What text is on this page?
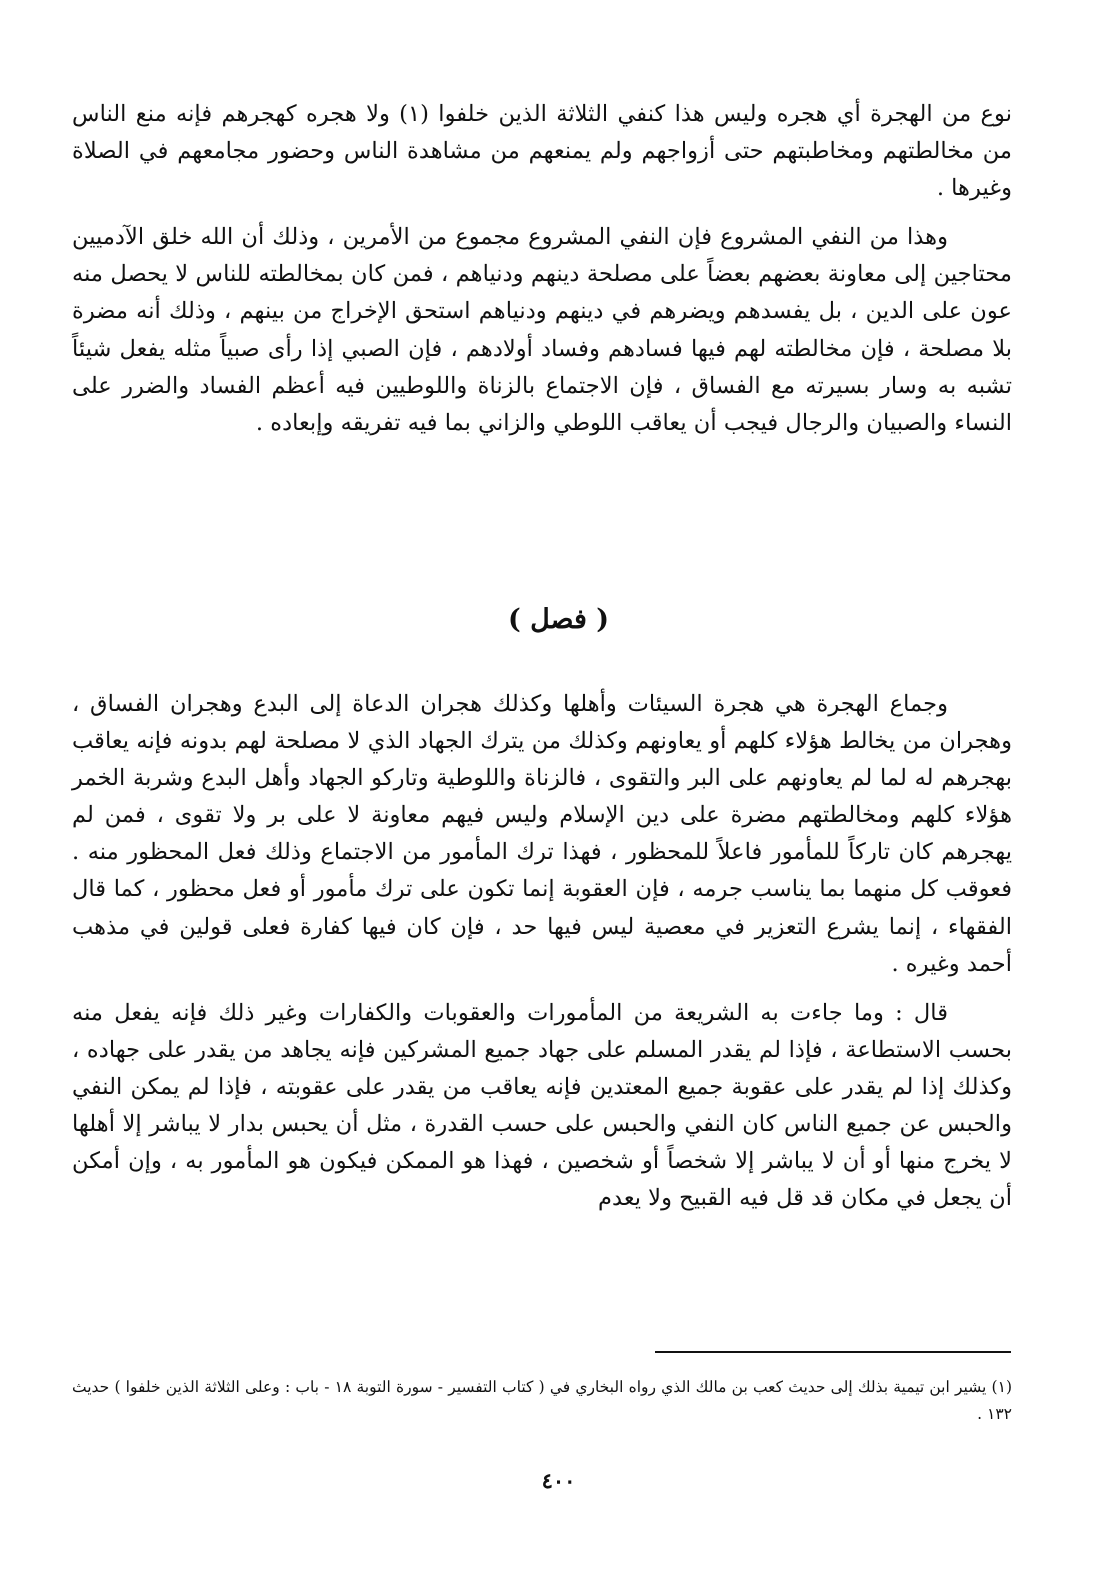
نوع من الهجرة أي هجره وليس هذا كنفي الثلاثة الذين خلفوا (١) ولا هجره كهجرهم فإنه منع الناس من مخالطتهم ومخاطبتهم حتى أزواجهم ولم يمنعهم من مشاهدة الناس وحضور مجامعهم في الصلاة وغيرها .

وهذا من النفي المشروع فإن النفي المشروع مجموع من الأمرين ، وذلك أن الله خلق الآدميين محتاجين إلى معاونة بعضهم بعضاً على مصلحة دينهم ودنياهم ، فمن كان بمخالطته للناس لا يحصل منه عون على الدين ، بل يفسدهم ويضرهم في دينهم ودنياهم استحق الإخراج من بينهم ، وذلك أنه مضرة بلا مصلحة ، فإن مخالطته لهم فيها فسادهم وفساد أولادهم ، فإن الصبي إذا رأى صبياً مثله يفعل شيئاً تشبه به وسار بسيرته مع الفساق ، فإن الاجتماع بالزناة واللوطيين فيه أعظم الفساد والضرر على النساء والصبيان والرجال فيجب أن يعاقب اللوطي والزاني بما فيه تفريقه وإبعاده .

( فصل )

وجماع الهجرة هي هجرة السيئات وأهلها وكذلك هجران الدعاة إلى البدع وهجران الفساق ، وهجران من يخالط هؤلاء كلهم أو يعاونهم وكذلك من يترك الجهاد الذي لا مصلحة لهم بدونه فإنه يعاقب بهجرهم له لما لم يعاونهم على البر والتقوى ، فالزناة واللوطية وتاركو الجهاد وأهل البدع وشربة الخمر هؤلاء كلهم ومخالطتهم مضرة على دين الإسلام وليس فيهم معاونة لا على بر ولا تقوى ، فمن لم يهجرهم كان تاركاً للمأمور فاعلاً للمحظور ، فهذا ترك المأمور من الاجتماع وذلك فعل المحظور منه . فعوقب كل منهما بما يناسب جرمه ، فإن العقوبة إنما تكون على ترك مأمور أو فعل محظور ، كما قال الفقهاء ، إنما يشرع التعزير في معصية ليس فيها حد ، فإن كان فيها كفارة فعلى قولين في مذهب أحمد وغيره .

قال : وما جاءت به الشريعة من المأمورات والعقوبات والكفارات وغير ذلك فإنه يفعل منه بحسب الاستطاعة ، فإذا لم يقدر المسلم على جهاد جميع المشركين فإنه يجاهد من يقدر على جهاده ، وكذلك إذا لم يقدر على عقوبة جميع المعتدين فإنه يعاقب من يقدر على عقوبته ، فإذا لم يمكن النفي والحبس عن جميع الناس كان النفي والحبس على حسب القدرة ، مثل أن يحبس بدار لا يباشر إلا أهلها لا يخرج منها أو أن لا يباشر إلا شخصاً أو شخصين ، فهذا هو الممكن فيكون هو المأمور به ، وإن أمكن أن يجعل في مكان قد قل فيه القبيح ولا يعدم

(١) يشير ابن تيمية بذلك إلى حديث كعب بن مالك الذي رواه البخاري في ( كتاب التفسير - سورة التوبة ١٨ - باب : وعلى الثلاثة الذين خلفوا ) حديث ١٣٢ .

٤٠٠
